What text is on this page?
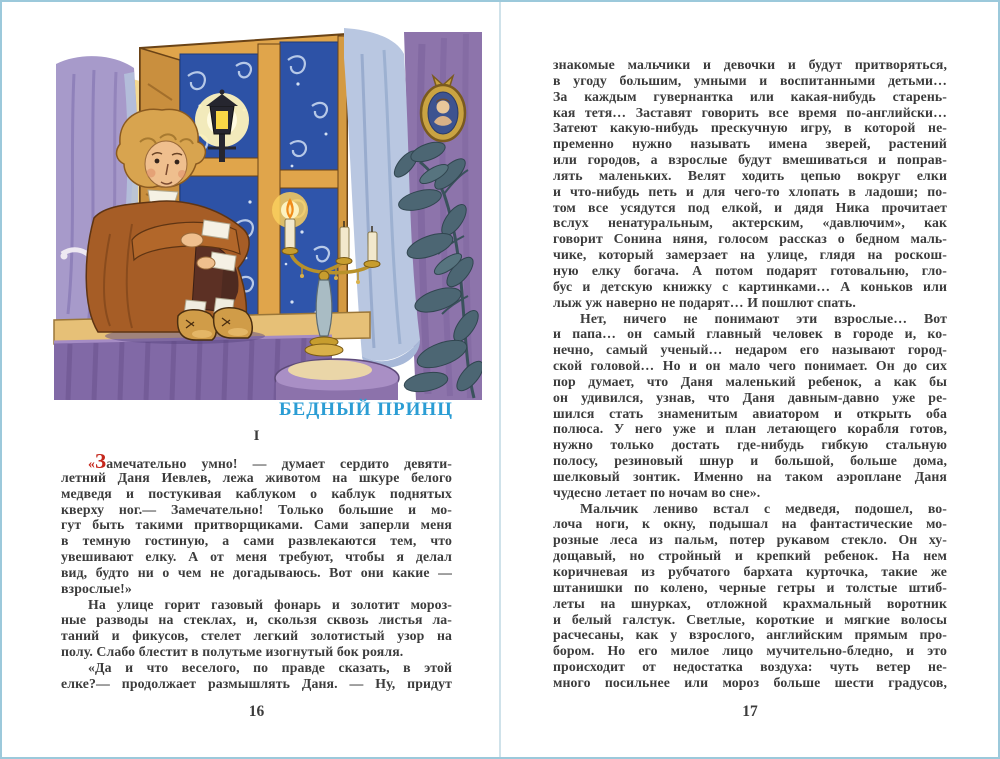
БЕДНЫЙ ПРИНЦ
I
«Замечательно умно! — думает сердито девяти-
летний Даня Иевлев, лежа животом на шкуре белого
медведя и постукивая каблуком о каблук поднятых
кверху ног.— Замечательно! Только большие и мо-
гут быть такими притворщиками. Сами заперли меня
в темную гостиную, а сами развлекаются тем, что
увешивают елку. А от меня требуют, чтобы я делал
вид, будто ни о чем не догадываюсь. Вот они какие —
взрослые!»
На улице горит газовый фонарь и золотит мороз-
ные разводы на стеклах, и, скользя сквозь листья ла-
таний и фикусов, стелет легкий золотистый узор на
полу. Слабо блестит в полутьме изогнутый бок рояля.
«Да и что веселого, по правде сказать, в этой
елке?— продолжает размышлять Даня. — Ну, придут
16
знакомые мальчики и девочки и будут притворяться,
в угоду большим, умными и воспитанными детьми…
За каждым гувернантка или какая-нибудь старень-
кая тетя… Заставят говорить все время по-английски…
Затеют какую-нибудь прескучную игру, в которой не-
пременно нужно называть имена зверей, растений
или городов, а взрослые будут вмешиваться и поправ-
лять маленьких. Велят ходить цепью вокруг елки
и что-нибудь петь и для чего-то хлопать в ладоши; по-
том все усядутся под елкой, и дядя Ника прочитает
вслух ненатуральным, актерским, «давлючим», как
говорит Сонина няня, голосом рассказ о бедном маль-
чике, который замерзает на улице, глядя на роскош-
ную елку богача. А потом подарят готовальню, гло-
бус и детскую книжку с картинками… А коньков или
лыж уж наверно не подарят… И пошлют спать.
Нет, ничего не понимают эти взрослые… Вот
и папа… он самый главный человек в городе и, ко-
нечно, самый ученый… недаром его называют город-
ской головой… Но и он мало чего понимает. Он до сих
пор думает, что Даня маленький ребенок, а как бы
он удивился, узнав, что Даня давным-давно уже ре-
шился стать знаменитым авиатором и открыть оба
полюса. У него уже и план летающего корабля готов,
нужно только достать где-нибудь гибкую стальную
полосу, резиновый шнур и большой, больше дома,
шелковый зонтик. Именно на таком аэроплане Даня
чудесно летает по ночам во сне».
Мальчик лениво встал с медведя, подошел, во-
лоча ноги, к окну, подышал на фантастические мо-
розные леса из пальм, потер рукавом стекло. Он ху-
дощавый, но стройный и крепкий ребенок. На нем
коричневая из рубчатого бархата курточка, такие же
штанишки по колено, черные гетры и толстые штиб-
леты на шнурках, отложной крахмальный воротник
и белый галстук. Светлые, короткие и мягкие волосы
расчесаны, как у взрослого, английским прямым про-
бором. Но его милое лицо мучительно-бледно, и это
происходит от недостатка воздуха: чуть ветер не-
много посильнее или мороз больше шести градусов,
17
